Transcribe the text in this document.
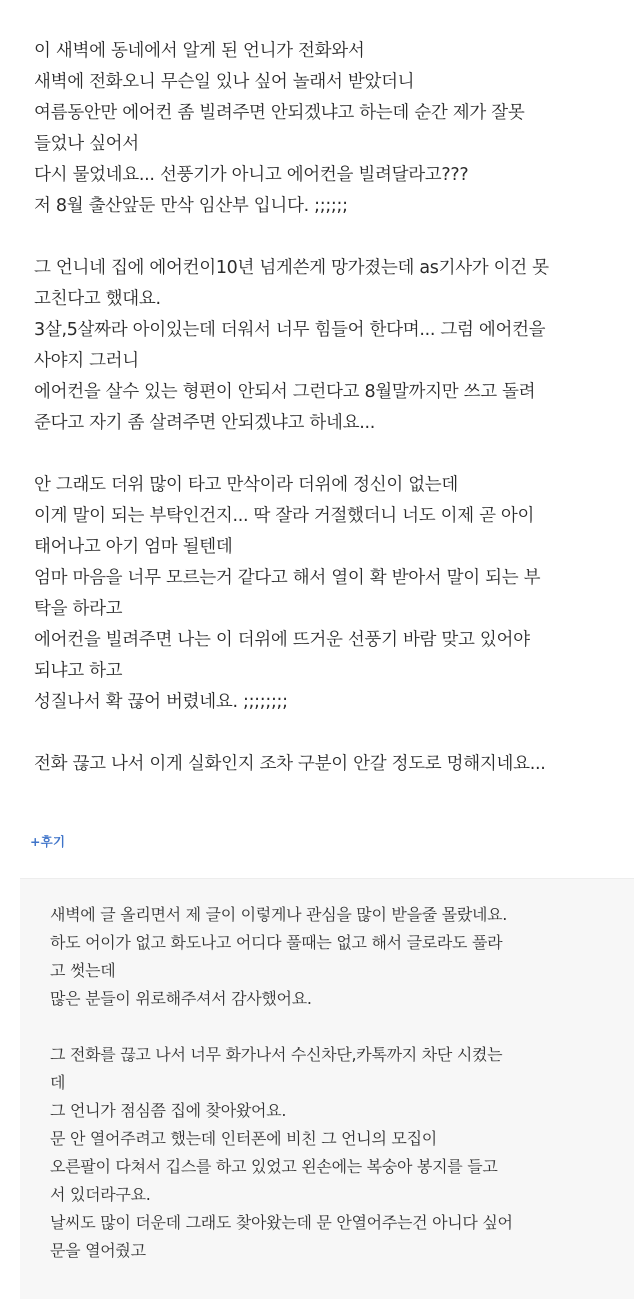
이 새벽에 동네에서 알게 된 언니가 전화와서
새벽에 전화오니 무슨일 있나 싶어 놀래서 받았더니
여름동안만 에어컨 좀 빌려주면 안되겠냐고 하는데 순간 제가 잘못
들었나 싶어서
다시 물었네요... 선풍기가 아니고 에어컨을 빌려달라고???
저 8월 출산앞둔 만삭 임산부 입니다. ;;;;;;
그 언니네 집에 에어컨이10년 넘게쓴게 망가졌는데 as기사가 이건 못
고친다고 했대요.
3살,5살짜라 아이있는데 더워서 너무 힘들어 한다며... 그럼 에어컨을
사야지 그러니
에어컨을 살수 있는 형편이 안되서 그런다고 8월말까지만 쓰고 돌려
준다고 자기 좀 살려주면 안되겠냐고 하네요...
안 그래도 더위 많이 타고 만삭이라 더위에 정신이 없는데
이게 말이 되는 부탁인건지... 딱 잘라 거절했더니 너도 이제 곧 아이
태어나고 아기 엄마 될텐데
엄마 마음을 너무 모르는거 같다고 해서 열이 확 받아서 말이 되는 부
탁을 하라고
에어컨을 빌려주면 나는 이 더위에 뜨거운 선풍기 바람 맞고 있어야
되냐고 하고
성질나서 확 끊어 버렸네요. ;;;;;;;;
전화 끊고 나서 이게 실화인지 조차 구분이 안갈 정도로 멍해지네요...
+후기
새벽에 글 올리면서 제 글이 이렇게나 관심을 많이 받을줄 몰랐네요.
하도 어이가 없고 화도나고 어디다 풀때는 없고 해서 글로라도 풀라
고 썻는데
많은 분들이 위로해주셔서 감사했어요.
그 전화를 끊고 나서 너무 화가나서 수신차단,카톡까지 차단 시켰는
데
그 언니가 점심쯤 집에 찾아왔어요.
문 안 열어주려고 했는데 인터폰에 비친 그 언니의 모집이
오른팔이 다쳐서 깁스를 하고 있었고 왼손에는 복숭아 봉지를 들고
서 있더라구요.
날씨도 많이 더운데 그래도 찾아왔는데 문 안열어주는건 아니다 싶어
문을 열어줬고
